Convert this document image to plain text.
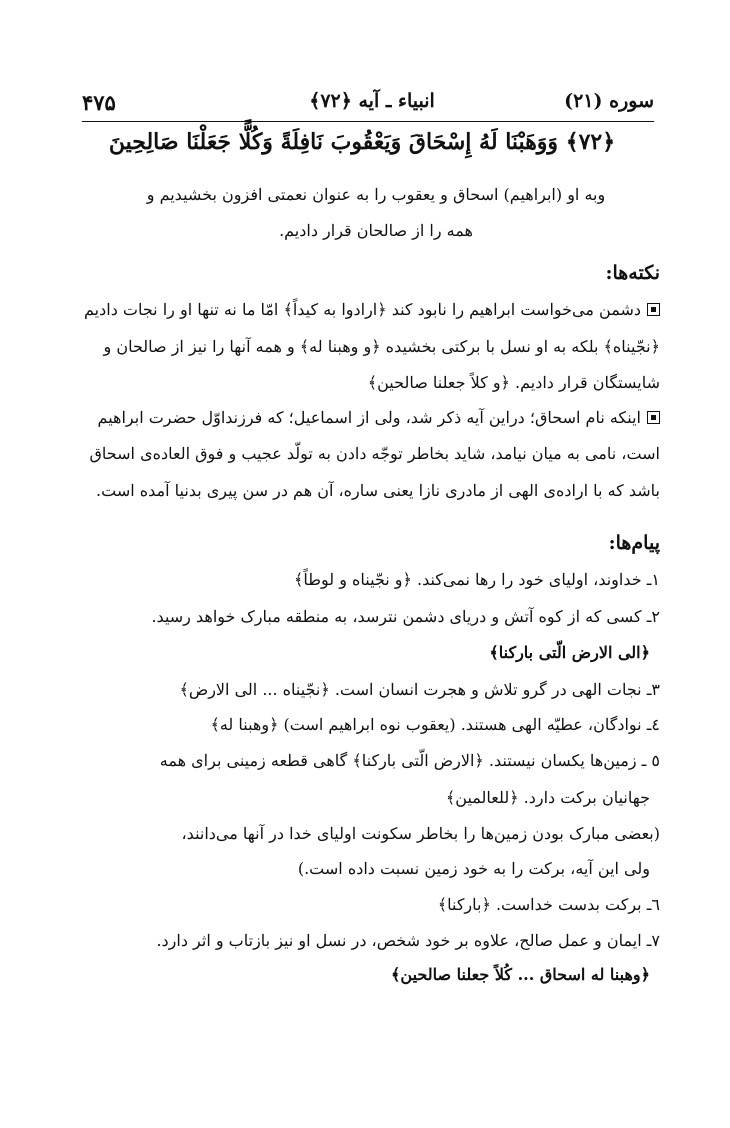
۴۷۵	انبیاء ـ آیه ﴿۷۲﴾	سوره (۲۱)
﴿۷۲﴾ وَوَهَبْنَا لَهُ إِسْحَاقَ وَيَعْقُوبَ نَافِلَةً وَكُلًّا جَعَلْنَا صَالِحِينَ
وبه او (ابراهیم) اسحاق و یعقوب را به عنوان نعمتی افزون بخشیدیم و
همه را از صالحان قرار دادیم.
نکته‌ها:
دشمن می‌خواست ابراهیم را نابود کند ﴿ارادوا به کیداً﴾ امّا ما نه تنها او را نجات دادیم
﴿نجّیناه﴾ بلکه به او نسل با برکتی بخشیده ﴿و وهبنا له﴾ و همه آنها را نیز از صالحان و
شایستگان قرار دادیم. ﴿و کلاً جعلنا صالحین﴾
اینکه نام اسحاق؛ دراین آیه ذکر شد، ولی از اسماعیل؛ که فرزنداوّل حضرت ابراهیم
است، نامی به میان نیامد، شاید بخاطر توجّه دادن به تولّد عجیب و فوق العاده‌ی اسحاق
باشد که با اراده‌ی الهی از مادری نازا یعنی ساره، آن هم در سن پیری بدنیا آمده است.
پیام‌ها:
۱ـ خداوند، اولیای خود را رها نمی‌کند. ﴿و نجّیناه و لوطاً﴾
۲ـ کسی که از کوه آتش و دریای دشمن نترسد، به منطقه مبارک خواهد رسید.
﴿الی الارض الّتی بارکنا﴾
۳ـ نجات الهی در گرو تلاش و هجرت انسان است. ﴿نجّیناه ... الی الارض﴾
٤ـ نوادگان، عطیّه الهی هستند. (یعقوب نوه ابراهیم است) ﴿وهبنا له﴾
٥ ـ زمین‌ها یکسان نیستند. ﴿الارض الّتی بارکنا﴾ گاهی قطعه زمینی برای همه
جهانیان برکت دارد. ﴿للعالمین﴾
(بعضی مبارک بودن زمین‌ها را بخاطر سکونت اولیای خدا در آنها می‌دانند،
ولی این آیه، برکت را به خود زمین نسبت داده است.)
٦ـ برکت بدست خداست. ﴿بارکنا﴾
۷ـ ایمان و عمل صالح، علاوه بر خود شخص، در نسل او نیز بازتاب و اثر دارد.
﴿وهبنا له اسحاق ... کُلاً جعلنا صالحین﴾
